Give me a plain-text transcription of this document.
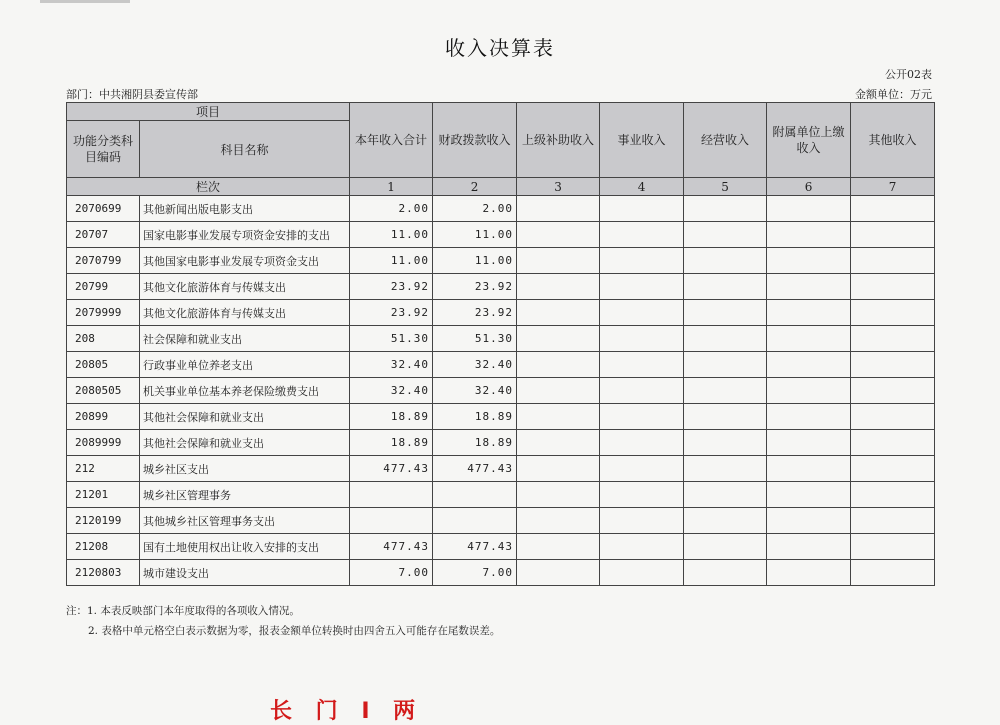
收入决算表
公开02表
部门：中共湘阴县委宣传部	金额单位：万元
项目		本年收入合计	财政拨款收入	上级补助收入	事业收入	经营收入	附属单位上缴收入	其他收入
功能分类科目编码	科目名称							
栏次		1	2	3	4	5	6	7
2070699	其他新闻出版电影支出	2.00	2.00					
20707	国家电影事业发展专项资金安排的支出	11.00	11.00					
2070799	其他国家电影事业发展专项资金支出	11.00	11.00					
20799	其他文化旅游体育与传媒支出	23.92	23.92					
2079999	其他文化旅游体育与传媒支出	23.92	23.92					
208	社会保障和就业支出	51.30	51.30					
20805	行政事业单位养老支出	32.40	32.40					
2080505	机关事业单位基本养老保险缴费支出	32.40	32.40					
20899	其他社会保障和就业支出	18.89	18.89					
2089999	其他社会保障和就业支出	18.89	18.89					
212	城乡社区支出	477.43	477.43					
21201	城乡社区管理事务							
2120199	其他城乡社区管理事务支出							
21208	国有土地使用权出让收入安排的支出	477.43	477.43					
2120803	城市建设支出	7.00	7.00					
注：1. 本表反映部门本年度取得的各项收入情况。
2. 表格中单元格空白表示数据为零，报表金额单位转换时由四舍五入可能存在尾数误差。
长 门 I 两
